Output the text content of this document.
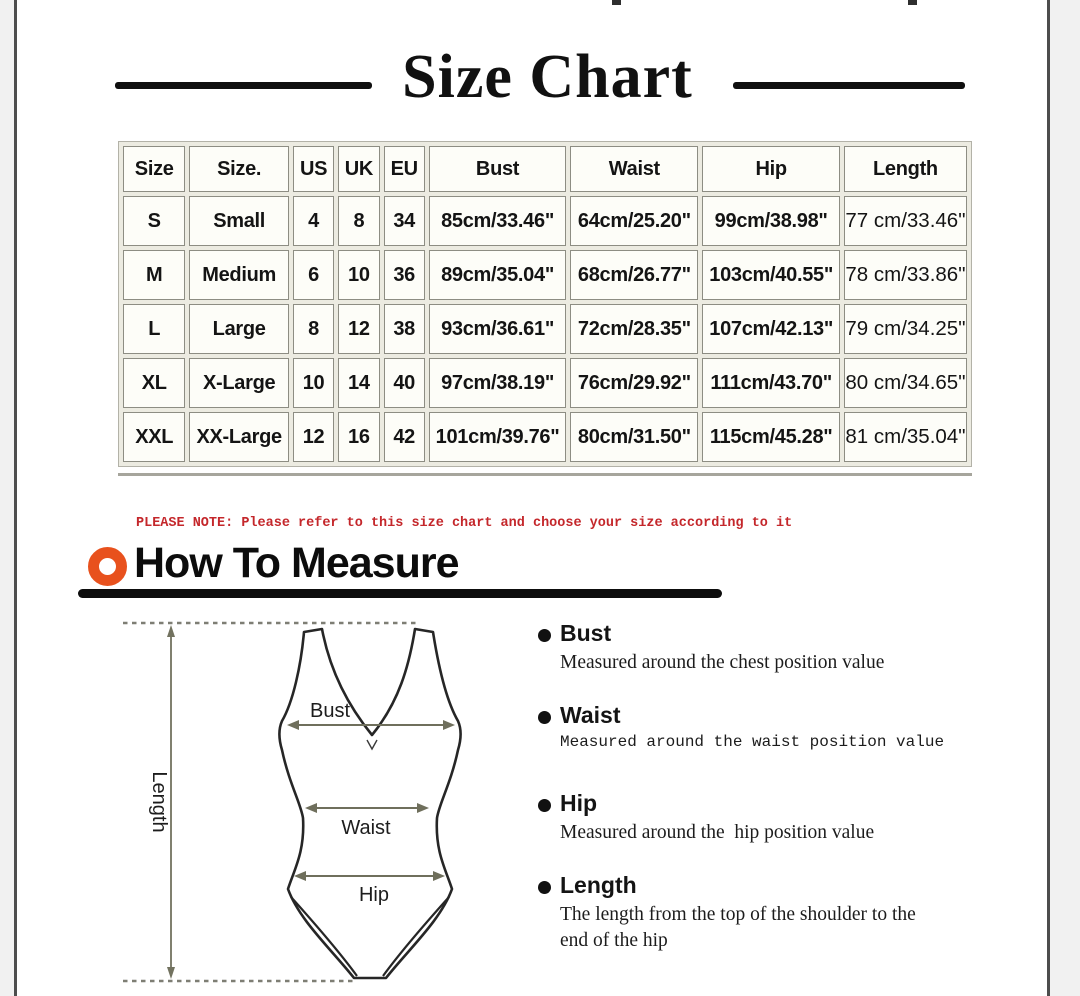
Size Chart
Size	Size.	US	UK	EU	Bust	Waist	Hip	Length
S	Small	4	8	34	85cm/33.46"	64cm/25.20"	99cm/38.98"	77 cm/33.46"
M	Medium	6	10	36	89cm/35.04"	68cm/26.77"	103cm/40.55"	78 cm/33.86"
L	Large	8	12	38	93cm/36.61"	72cm/28.35"	107cm/42.13"	79 cm/34.25"
XL	X-Large	10	14	40	97cm/38.19"	76cm/29.92"	111cm/43.70"	80 cm/34.65"
XXL	XX-Large	12	16	42	101cm/39.76"	80cm/31.50"	115cm/45.28"	81 cm/35.04"
PLEASE NOTE: Please refer to this size chart and choose your size according to it
How To Measure
Length
Bust
Waist
Hip
Bust
Measured around the chest position value
Waist
Measured around the waist position value
Hip
Measured around the  hip position value
Length
The length from the top of the shoulder to the end of the hip
